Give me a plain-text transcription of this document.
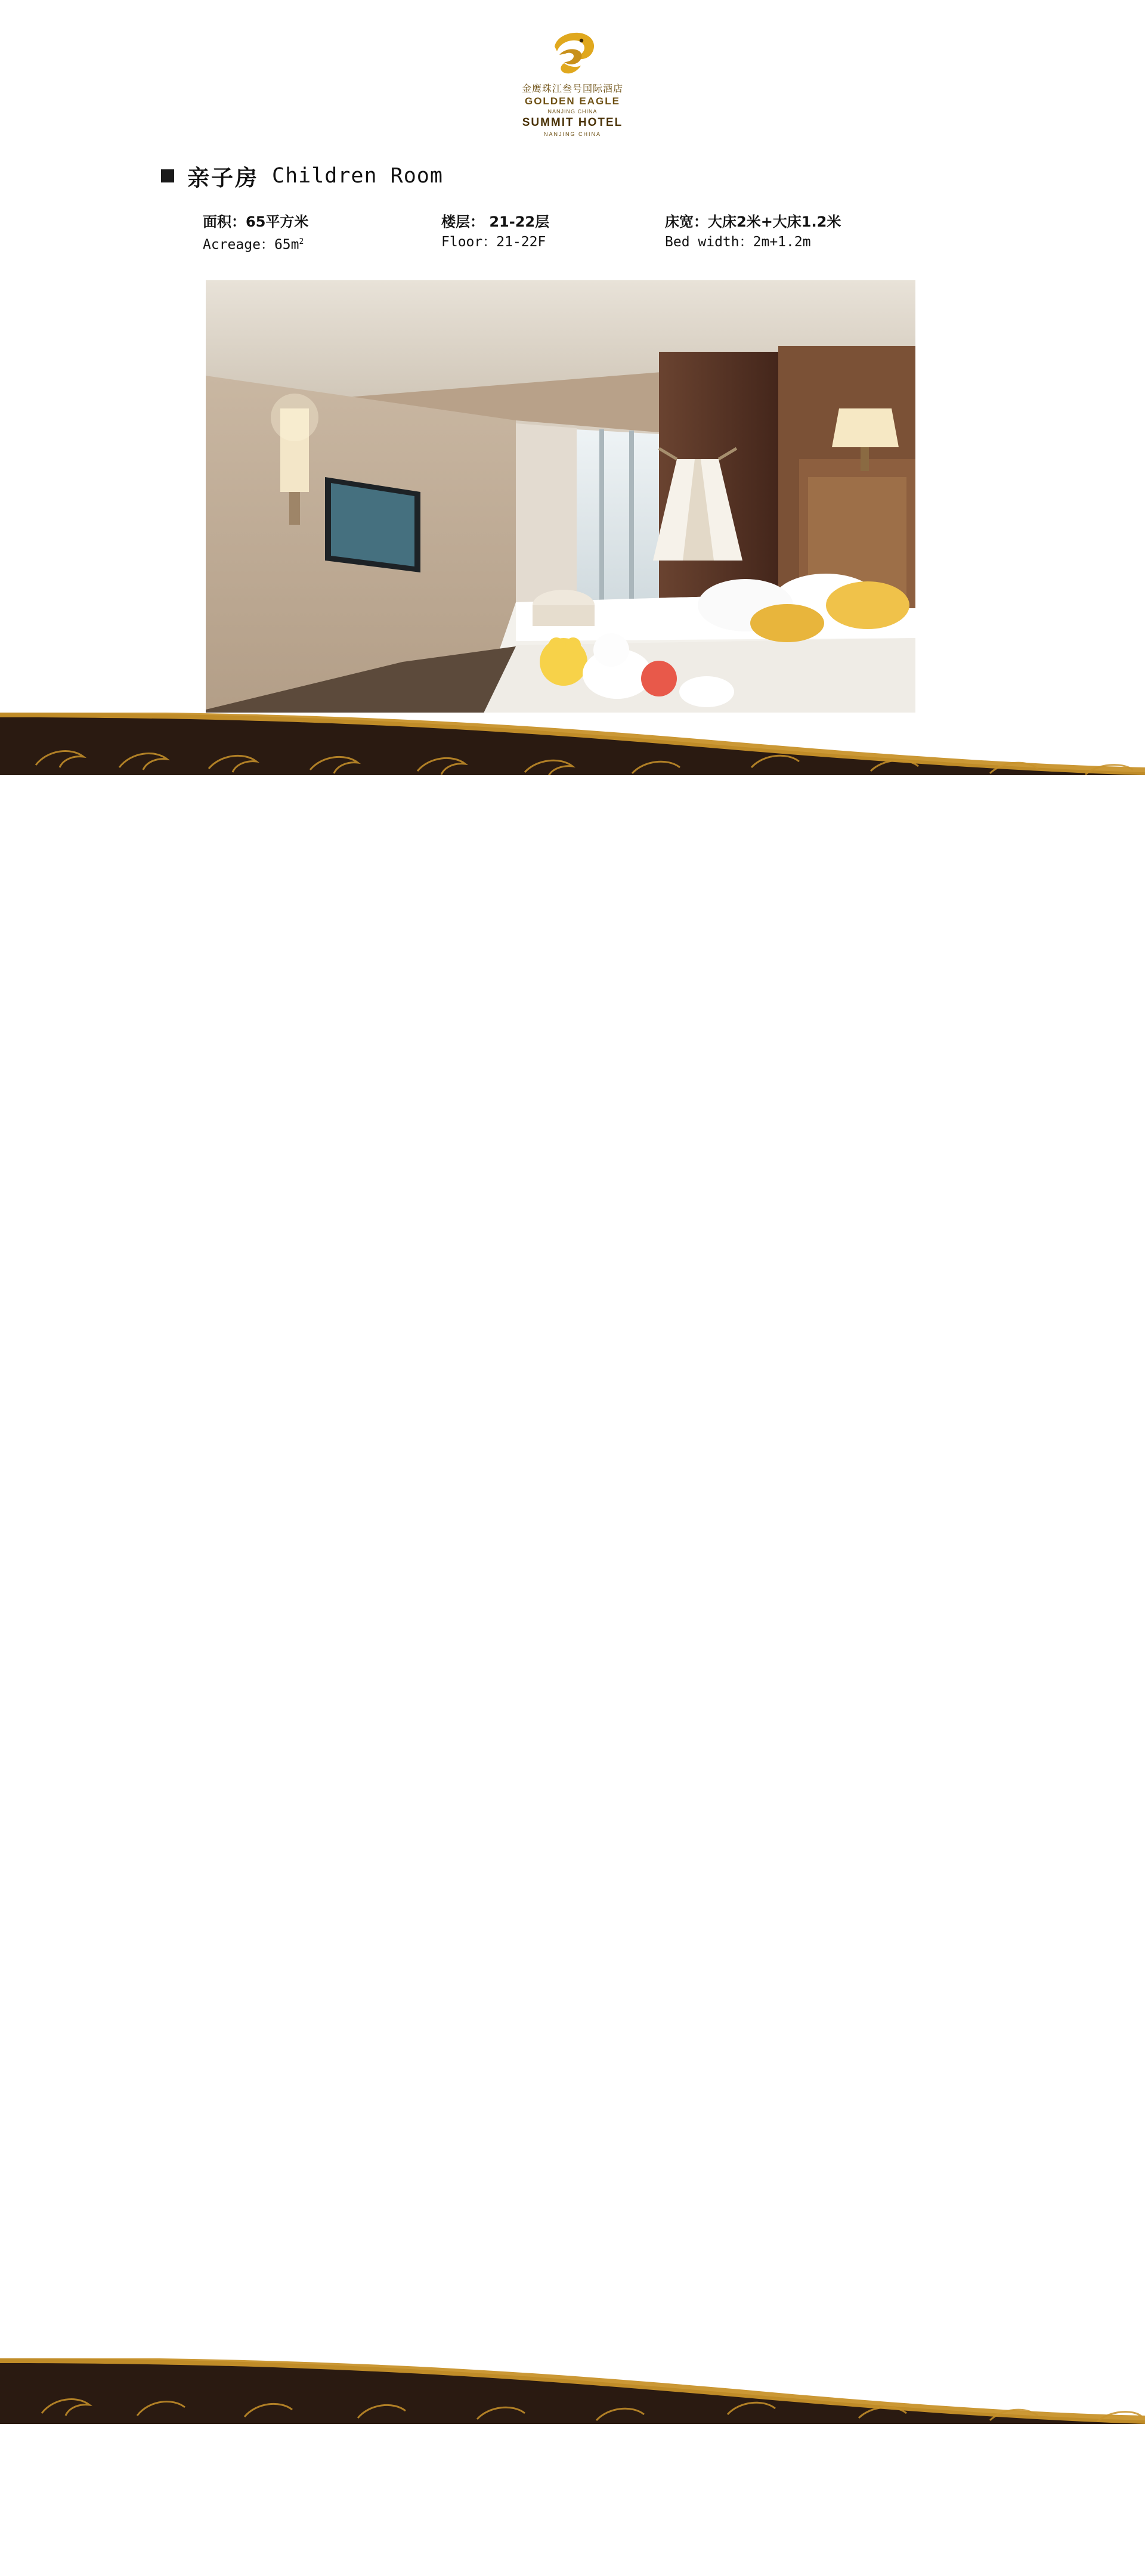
金鹰珠江叁号国际酒店
GOLDEN EAGLE
NANJING CHINA
SUMMIT HOTEL
NANJING CHINA
亲子房 Children Room
面积：65平方米	楼层： 21-22层	床宽：大床2米+大床1.2米
Acreage：$65m^2$	Floor：21-22F	Bed width：2m+1.2m
